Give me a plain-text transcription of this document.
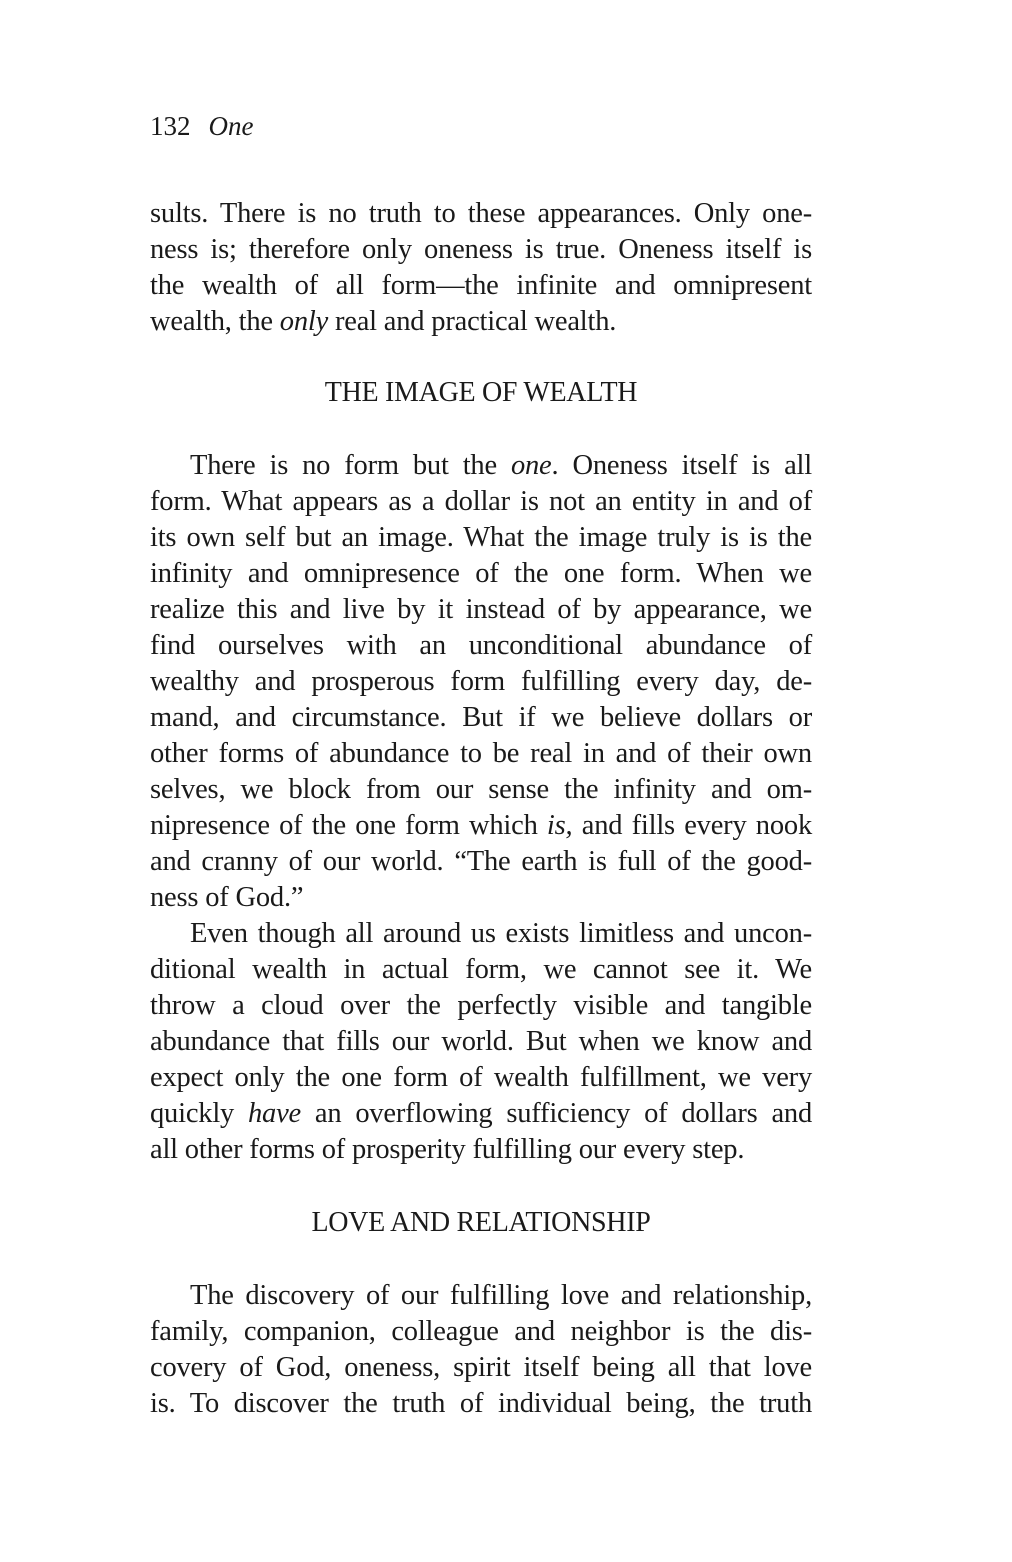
132 One
sults. There is no truth to these appearances. Only one-
ness is; therefore only oneness is true. Oneness itself is
the wealth of all form—the infinite and omnipresent
wealth, the only real and practical wealth.
THE IMAGE OF WEALTH
There is no form but the one. Oneness itself is all
form. What appears as a dollar is not an entity in and of
its own self but an image. What the image truly is is the
infinity and omnipresence of the one form. When we
realize this and live by it instead of by appearance, we
find ourselves with an unconditional abundance of
wealthy and prosperous form fulfilling every day, de-
mand, and circumstance. But if we believe dollars or
other forms of abundance to be real in and of their own
selves, we block from our sense the infinity and om-
nipresence of the one form which is, and fills every nook
and cranny of our world. “The earth is full of the good-
ness of God.”
Even though all around us exists limitless and uncon-
ditional wealth in actual form, we cannot see it. We
throw a cloud over the perfectly visible and tangible
abundance that fills our world. But when we know and
expect only the one form of wealth fulfillment, we very
quickly have an overflowing sufficiency of dollars and
all other forms of prosperity fulfilling our every step.
LOVE AND RELATIONSHIP
The discovery of our fulfilling love and relationship,
family, companion, colleague and neighbor is the dis-
covery of God, oneness, spirit itself being all that love
is. To discover the truth of individual being, the truth
